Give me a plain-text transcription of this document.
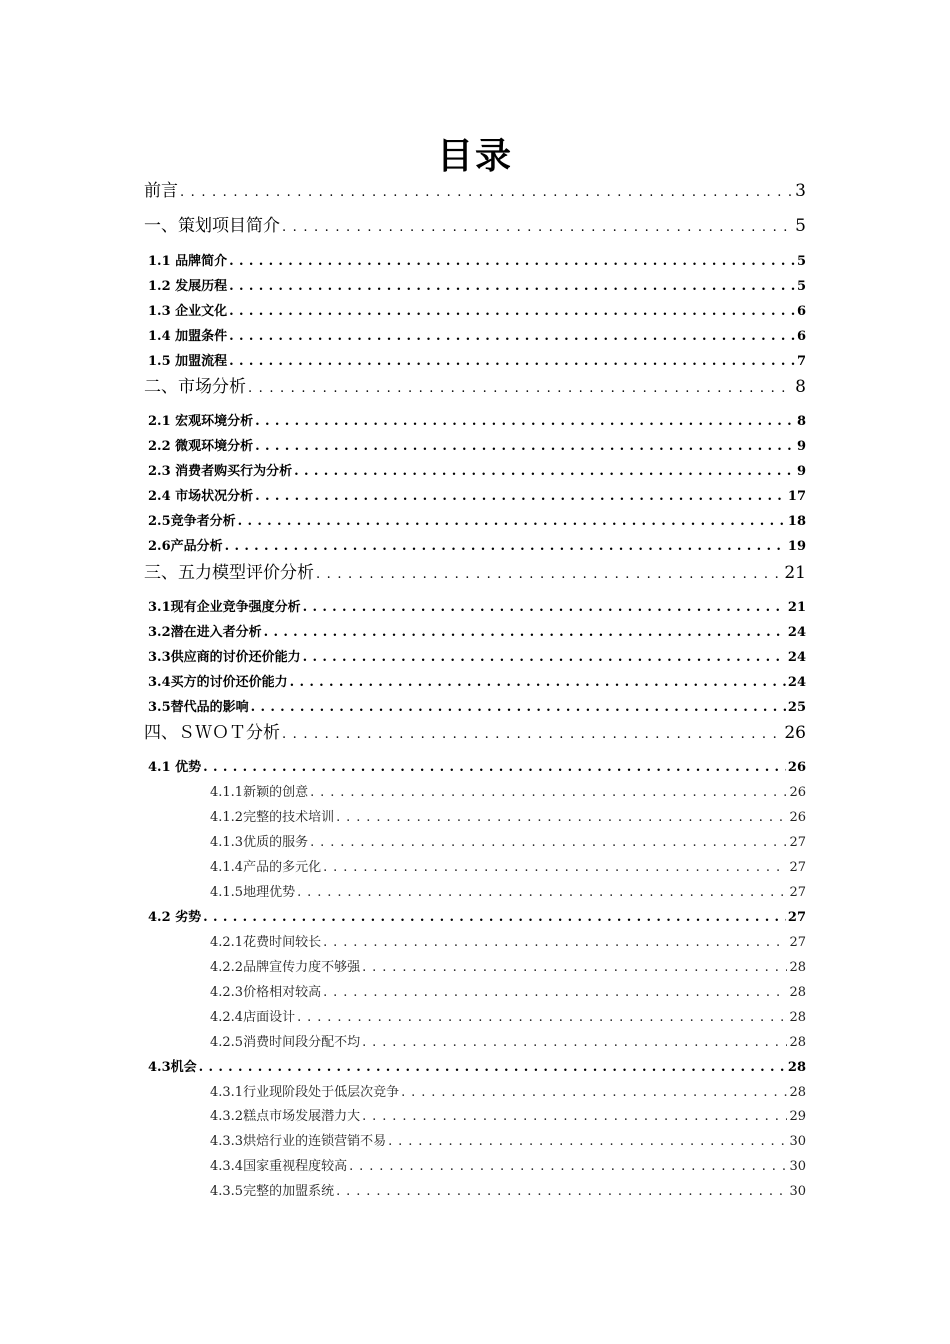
目录
前言 . . .	3
一、策划项目简介 . . .	5
1.1 品牌简介 . . .	5
1.2 发展历程 . . .	5
1.3 企业文化 . . .	6
1.4 加盟条件 . . .	6
1.5 加盟流程 . . .	7
二、市场分析 . . .	8
2.1 宏观环境分析 . . .	8
2.2 微观环境分析 . . .	9
2.3 消费者购买行为分析 . . .	9
2.4 市场状况分析 . . .	17
2.5竞争者分析 . . .	18
2.6产品分析 . . .	19
三、五力模型评价分析 . . .	21
3.1现有企业竞争强度分析 . . .	21
3.2潜在进入者分析 . . .	24
3.3供应商的讨价还价能力 . . .	24
3.4买方的讨价还价能力 . . .	24
3.5替代品的影响 . . .	25
四、ＳＷＯＴ分析 . . .	26
4.1 优势 . . .	26
4.1.1新颖的创意 . . .	26
4.1.2完整的技术培训 . . .	26
4.1.3优质的服务 . . .	27
4.1.4产品的多元化 . . .	27
4.1.5地理优势 . . .	27
4.2 劣势 . . .	27
4.2.1花费时间较长 . . .	27
4.2.2品牌宣传力度不够强 . . .	28
4.2.3价格相对较高 . . .	28
4.2.4店面设计 . . .	28
4.2.5消费时间段分配不均 . . .	28
4.3机会 . . .	28
4.3.1行业现阶段处于低层次竞争 . . .	28
4.3.2糕点市场发展潜力大 . . .	29
4.3.3烘焙行业的连锁营销不易 . . .	30
4.3.4国家重视程度较高 . . .	30
4.3.5完整的加盟系统 . . .	30
